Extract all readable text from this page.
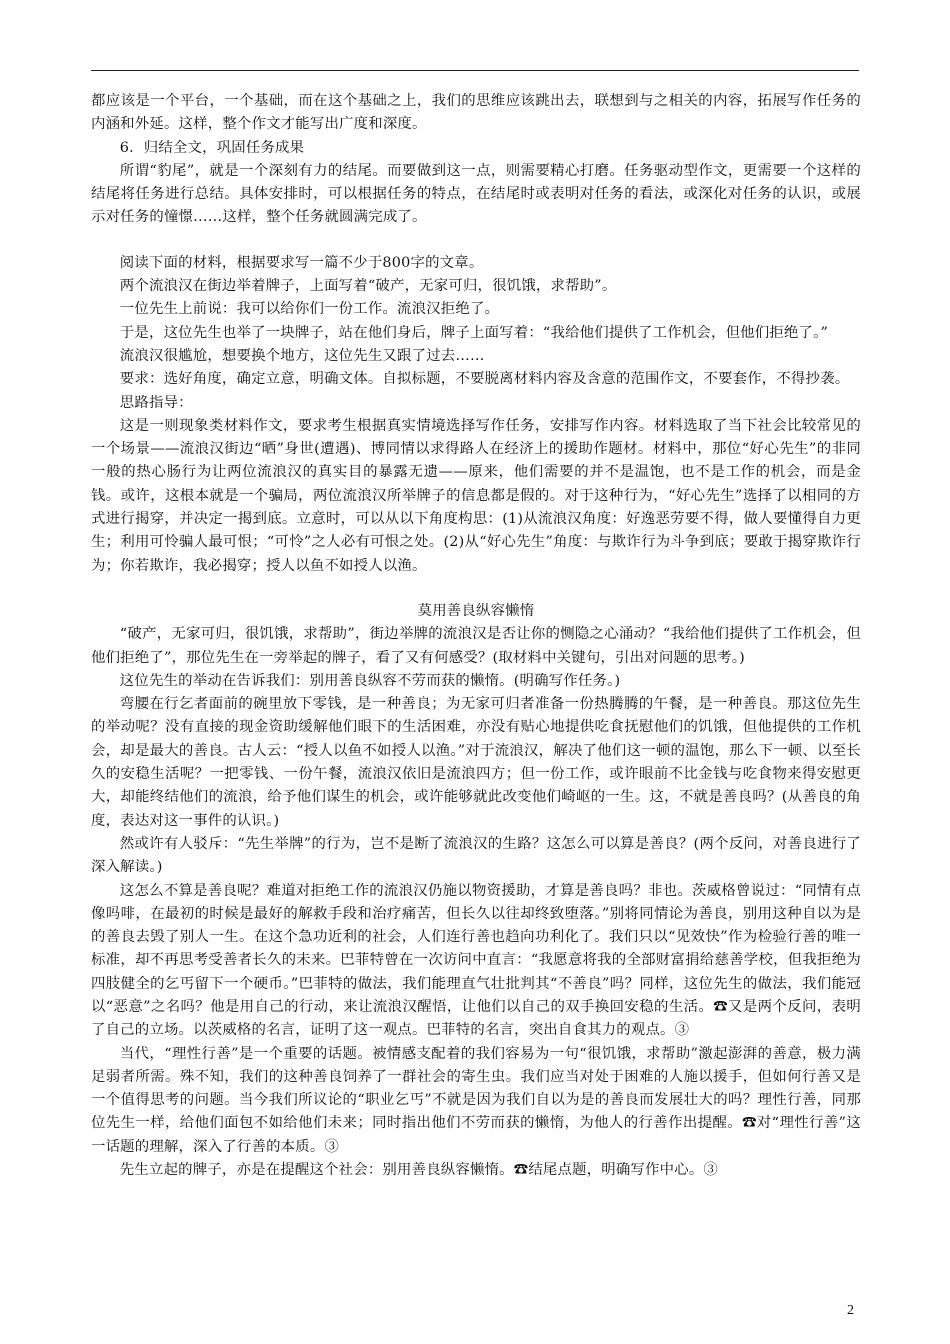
都应该是一个平台，一个基础，而在这个基础之上，我们的思维应该跳出去，联想到与之相关的内容，拓展写作任务的内涵和外延。这样，整个作文才能写出广度和深度。

6．归结全文，巩固任务成果

所谓“豹尾”，就是一个深刻有力的结尾。而要做到这一点，则需要精心打磨。任务驱动型作文，更需要一个这样的结尾将任务进行总结。具体安排时，可以根据任务的特点，在结尾时或表明对任务的看法，或深化对任务的认识，或展示对任务的憧憬……这样，整个任务就圆满完成了。

阅读下面的材料，根据要求写一篇不少于800字的文章。

两个流浪汉在街边举着牌子，上面写着“破产，无家可归，很饥饿，求帮助”。

一位先生上前说：我可以给你们一份工作。流浪汉拒绝了。

于是，这位先生也举了一块牌子，站在他们身后，牌子上面写着：“我给他们提供了工作机会，但他们拒绝了。”

流浪汉很尴尬，想要换个地方，这位先生又跟了过去……

要求：选好角度，确定立意，明确文体。自拟标题，不要脱离材料内容及含意的范围作文，不要套作，不得抄袭。

思路指导：

这是一则现象类材料作文，要求考生根据真实情境选择写作任务，安排写作内容。材料选取了当下社会比较常见的一个场景——流浪汉街边“晒”身世(遭遇)、博同情以求得路人在经济上的援助作题材。材料中，那位“好心先生”的非同一般的热心肠行为让两位流浪汉的真实目的暴露无遗——原来，他们需要的并不是温饱，也不是工作的机会，而是金钱。或许，这根本就是一个骗局，两位流浪汉所举牌子的信息都是假的。对于这种行为，“好心先生”选择了以相同的方式进行揭穿，并决定一揭到底。立意时，可以从以下角度构思：(1)从流浪汉角度：好逸恶劳要不得，做人要懂得自力更生；利用可怜骗人最可恨；“可怜”之人必有可恨之处。(2)从“好心先生”角度：与欺诈行为斗争到底；要敢于揭穿欺诈行为；你若欺诈，我必揭穿；授人以鱼不如授人以渔。

莫用善良纵容懒惰

“破产，无家可归，很饥饿，求帮助”，街边举牌的流浪汉是否让你的恻隐之心涌动？“我给他们提供了工作机会，但他们拒绝了”，那位先生在一旁举起的牌子，看了又有何感受？(取材料中关键句，引出对问题的思考。)

这位先生的举动在告诉我们：别用善良纵容不劳而获的懒惰。(明确写作任务。)

弯腰在行乞者面前的碗里放下零钱，是一种善良；为无家可归者准备一份热腾腾的午餐，是一种善良。那这位先生的举动呢？没有直接的现金资助缓解他们眼下的生活困难，亦没有贴心地提供吃食抚慰他们的饥饿，但他提供的工作机会，却是最大的善良。古人云：“授人以鱼不如授人以渔。”对于流浪汉，解决了他们这一顿的温饱，那么下一顿、以至长久的安稳生活呢？一把零钱、一份午餐，流浪汉依旧是流浪四方；但一份工作，或许眼前不比金钱与吃食物来得安慰更大，却能终结他们的流浪，给予他们谋生的机会，或许能够就此改变他们崎岖的一生。这，不就是善良吗？(从善良的角度，表达对这一事件的认识。)

然或许有人驳斥：“先生举牌”的行为，岂不是断了流浪汉的生路？这怎么可以算是善良？(两个反问，对善良进行了深入解读。)

这怎么不算是善良呢？难道对拒绝工作的流浪汉仍施以物资援助，才算是善良吗？非也。茨威格曾说过：“同情有点像吗啡，在最初的时候是最好的解救手段和治疗痛苦，但长久以往却终致堕落。”别将同情论为善良，别用这种自以为是的善良去毁了别人一生。在这个急功近利的社会，人们连行善也趋向功利化了。我们只以“见效快”作为检验行善的唯一标准，却不再思考受善者长久的未来。巴菲特曾在一次访问中直言：“我愿意将我的全部财富捐给慈善学校，但我拒绝为四肢健全的乞丐留下一个硬币。”巴菲特的做法，我们能理直气壮批判其“不善良”吗？同样，这位先生的做法，我们能冠以“恶意”之名吗？他是用自己的行动，来让流浪汉醒悟，让他们以自己的双手换回安稳的生活。☎又是两个反问，表明了自己的立场。以茨威格的名言，证明了这一观点。巴菲特的名言，突出自食其力的观点。➂

当代，“理性行善”是一个重要的话题。被情感支配着的我们容易为一句“很饥饿，求帮助”激起澎湃的善意，极力满足弱者所需。殊不知，我们的这种善良饲养了一群社会的寄生虫。我们应当对处于困难的人施以援手，但如何行善又是一个值得思考的问题。当今我们所议论的“职业乞丐”不就是因为我们自以为是的善良而发展壮大的吗？理性行善，同那位先生一样，给他们面包不如给他们未来；同时指出他们不劳而获的懒惰，为他人的行善作出提醒。☎对“理性行善”这一话题的理解，深入了行善的本质。➂

先生立起的牌子，亦是在提醒这个社会：别用善良纵容懒惰。☎结尾点题，明确写作中心。➂

2
